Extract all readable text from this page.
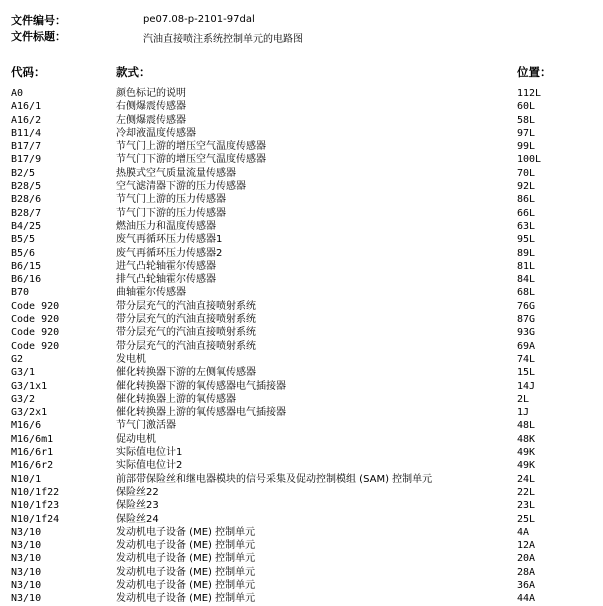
文件编号：	pe07.08-p-2101-97dal
文件标题：	汽油直接喷注系统控制单元的电路图
代码：	款式：	位置：
A0	颜色标记的说明	112L
A16/1	右侧爆震传感器	60L
A16/2	左侧爆震传感器	58L
B11/4	冷却液温度传感器	97L
B17/7	节气门上游的增压空气温度传感器	99L
B17/9	节气门下游的增压空气温度传感器	100L
B2/5	热膜式空气质量流量传感器	70L
B28/5	空气滤清器下游的压力传感器	92L
B28/6	节气门上游的压力传感器	86L
B28/7	节气门下游的压力传感器	66L
B4/25	燃油压力和温度传感器	63L
B5/5	废气再循环压力传感器1	95L
B5/6	废气再循环压力传感器2	89L
B6/15	进气凸轮轴霍尔传感器	81L
B6/16	排气凸轮轴霍尔传感器	84L
B70	曲轴霍尔传感器	68L
Code 920	带分层充气的汽油直接喷射系统	76G
Code 920	带分层充气的汽油直接喷射系统	87G
Code 920	带分层充气的汽油直接喷射系统	93G
Code 920	带分层充气的汽油直接喷射系统	69A
G2	发电机	74L
G3/1	催化转换器下游的左侧氧传感器	15L
G3/1x1	催化转换器下游的氧传感器电气插接器	14J
G3/2	催化转换器上游的氧传感器	2L
G3/2x1	催化转换器上游的氧传感器电气插接器	1J
M16/6	节气门激活器	48L
M16/6m1	促动电机	48K
M16/6r1	实际值电位计1	49K
M16/6r2	实际值电位计2	49K
N10/1	前部带保险丝和继电器模块的信号采集及促动控制模组 (SAM) 控制单元	24L
N10/1f22	保险丝22	22L
N10/1f23	保险丝23	23L
N10/1f24	保险丝24	25L
N3/10	发动机电子设备 (ME) 控制单元	4A
N3/10	发动机电子设备 (ME) 控制单元	12A
N3/10	发动机电子设备 (ME) 控制单元	20A
N3/10	发动机电子设备 (ME) 控制单元	28A
N3/10	发动机电子设备 (ME) 控制单元	36A
N3/10	发动机电子设备 (ME) 控制单元	44A
